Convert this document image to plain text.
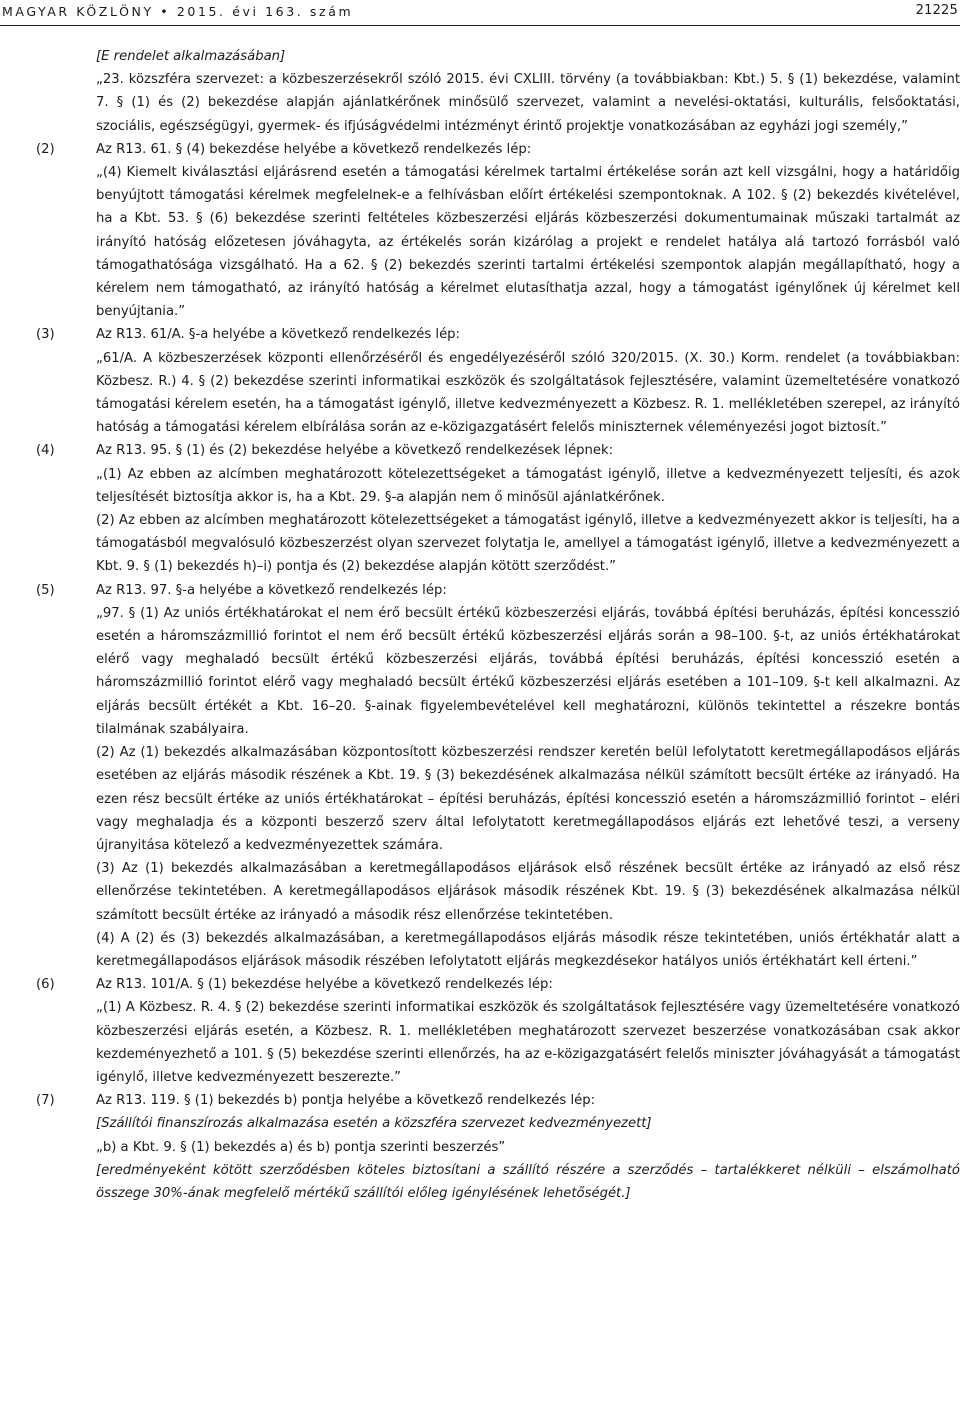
MAGYAR KÖZLÖNY • 2015. évi 163. szám	21225

[E rendelet alkalmazásában]

„23. közszféra szervezet: a közbeszerzésekről szóló 2015. évi CXLIII. törvény (a továbbiakban: Kbt.) 5. § (1) bekezdése, valamint 7. § (1) és (2) bekezdése alapján ajánlatkérőnek minősülő szervezet, valamint a nevelési-oktatási, kulturális, felsőoktatási, szociális, egészségügyi, gyermek- és ifjúságvédelmi intézményt érintő projektje vonatkozásában az egyházi jogi személy,”

(2)	Az R13. 61. § (4) bekezdése helyébe a következő rendelkezés lép:

„(4) Kiemelt kiválasztási eljárásrend esetén a támogatási kérelmek tartalmi értékelése során azt kell vizsgálni, hogy a határidőig benyújtott támogatási kérelmek megfelelnek-e a felhívásban előírt értékelési szempontoknak. A 102. § (2) bekezdés kivételével, ha a Kbt. 53. § (6) bekezdése szerinti feltételes közbeszerzési eljárás közbeszerzési dokumentumainak műszaki tartalmát az irányító hatóság előzetesen jóváhagyta, az értékelés során kizárólag a projekt e rendelet hatálya alá tartozó forrásból való támogathatósága vizsgálható. Ha a 62. § (2) bekezdés szerinti tartalmi értékelési szempontok alapján megállapítható, hogy a kérelem nem támogatható, az irányító hatóság a kérelmet elutasíthatja azzal, hogy a támogatást igénylőnek új kérelmet kell benyújtania.”

(3)	Az R13. 61/A. §-a helyébe a következő rendelkezés lép:

„61/A. A közbeszerzések központi ellenőrzéséről és engedélyezéséről szóló 320/2015. (X. 30.) Korm. rendelet (a továbbiakban: Közbesz. R.) 4. § (2) bekezdése szerinti informatikai eszközök és szolgáltatások fejlesztésére, valamint üzemeltetésére vonatkozó támogatási kérelem esetén, ha a támogatást igénylő, illetve kedvezményezett a Közbesz. R. 1. mellékletében szerepel, az irányító hatóság a támogatási kérelem elbírálása során az e-közigazgatásért felelős miniszternek véleményezési jogot biztosít.”

(4)	Az R13. 95. § (1) és (2) bekezdése helyébe a következő rendelkezések lépnek:

„(1) Az ebben az alcímben meghatározott kötelezettségeket a támogatást igénylő, illetve a kedvezményezett teljesíti, és azok teljesítését biztosítja akkor is, ha a Kbt. 29. §-a alapján nem ő minősül ajánlatkérőnek.

(2) Az ebben az alcímben meghatározott kötelezettségeket a támogatást igénylő, illetve a kedvezményezett akkor is teljesíti, ha a támogatásból megvalósuló közbeszerzést olyan szervezet folytatja le, amellyel a támogatást igénylő, illetve a kedvezményezett a Kbt. 9. § (1) bekezdés h)–i) pontja és (2) bekezdése alapján kötött szerződést.”

(5)	Az R13. 97. §-a helyébe a következő rendelkezés lép:

„97. § (1) Az uniós értékhatárokat el nem érő becsült értékű közbeszerzési eljárás, továbbá építési beruházás, építési koncesszió esetén a háromszázmillió forintot el nem érő becsült értékű közbeszerzési eljárás során a 98–100. §-t, az uniós értékhatárokat elérő vagy meghaladó becsült értékű közbeszerzési eljárás, továbbá építési beruházás, építési koncesszió esetén a háromszázmillió forintot elérő vagy meghaladó becsült értékű közbeszerzési eljárás esetében a 101–109. §-t kell alkalmazni. Az eljárás becsült értékét a Kbt. 16–20. §-ainak figyelembevételével kell meghatározni, különös tekintettel a részekre bontás tilalmának szabályaira.

(2) Az (1) bekezdés alkalmazásában központosított közbeszerzési rendszer keretén belül lefolytatott keretmegállapodásos eljárás esetében az eljárás második részének a Kbt. 19. § (3) bekezdésének alkalmazása nélkül számított becsült értéke az irányadó. Ha ezen rész becsült értéke az uniós értékhatárokat – építési beruházás, építési koncesszió esetén a háromszázmillió forintot – eléri vagy meghaladja és a központi beszerző szerv által lefolytatott keretmegállapodásos eljárás ezt lehetővé teszi, a verseny újranyitása kötelező a kedvezményezettek számára.

(3) Az (1) bekezdés alkalmazásában a keretmegállapodásos eljárások első részének becsült értéke az irányadó az első rész ellenőrzése tekintetében. A keretmegállapodásos eljárások második részének Kbt. 19. § (3) bekezdésének alkalmazása nélkül számított becsült értéke az irányadó a második rész ellenőrzése tekintetében.

(4) A (2) és (3) bekezdés alkalmazásában, a keretmegállapodásos eljárás második része tekintetében, uniós értékhatár alatt a keretmegállapodásos eljárások második részében lefolytatott eljárás megkezdésekor hatályos uniós értékhatárt kell érteni.”

(6)	Az R13. 101/A. § (1) bekezdése helyébe a következő rendelkezés lép:

„(1) A Közbesz. R. 4. § (2) bekezdése szerinti informatikai eszközök és szolgáltatások fejlesztésére vagy üzemeltetésére vonatkozó közbeszerzési eljárás esetén, a Közbesz. R. 1. mellékletében meghatározott szervezet beszerzése vonatkozásában csak akkor kezdeményezhető a 101. § (5) bekezdése szerinti ellenőrzés, ha az e-közigazgatásért felelős miniszter jóváhagyását a támogatást igénylő, illetve kedvezményezett beszerezte.”

(7)	Az R13. 119. § (1) bekezdés b) pontja helyébe a következő rendelkezés lép:

[Szállítói finanszírozás alkalmazása esetén a közszféra szervezet kedvezményezett]

„b) a Kbt. 9. § (1) bekezdés a) és b) pontja szerinti beszerzés”

[eredményeként kötött szerződésben köteles biztosítani a szállító részére a szerződés – tartalékkeret nélküli – elszámolható összege 30%-ának megfelelő mértékű szállítói előleg igénylésének lehetőségét.]
